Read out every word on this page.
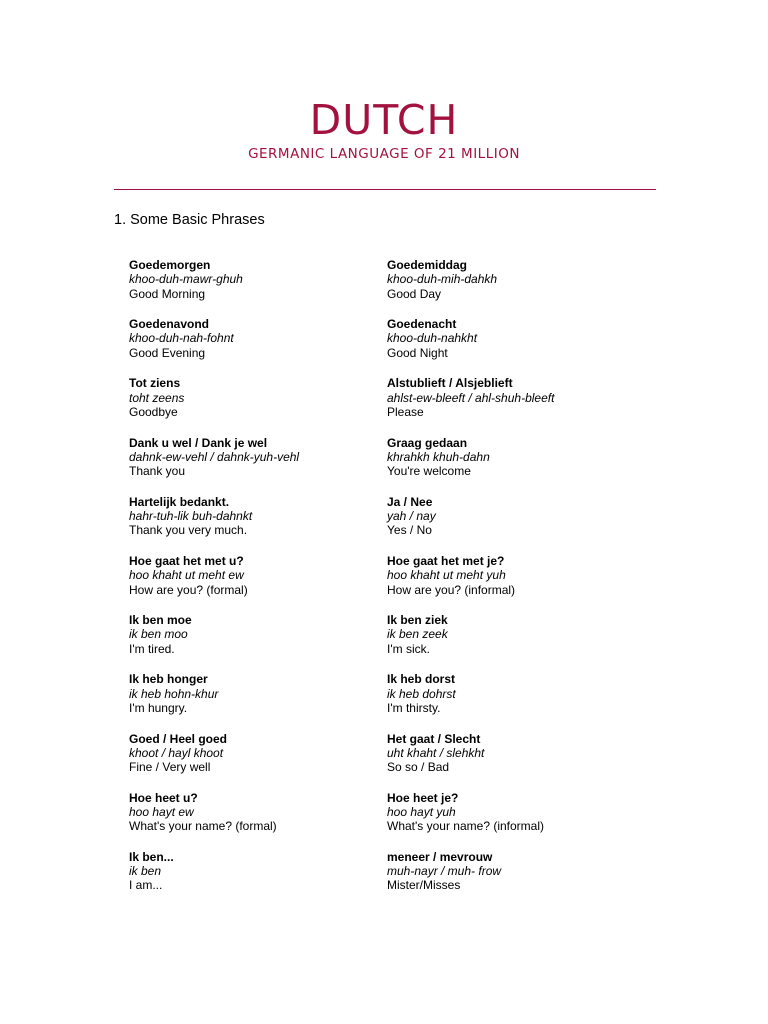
DUTCH
GERMANIC LANGUAGE OF 21 MILLION
1. Some Basic Phrases
Goedemorgen
khoo-duh-mawr-ghuh
Good Morning
Goedemiddag
khoo-duh-mih-dahkh
Good Day
Goedenavond
khoo-duh-nah-fohnt
Good Evening
Goedenacht
khoo-duh-nahkht
Good Night
Tot ziens
toht zeens
Goodbye
Alstublieft / Alsjeblieft
ahlst-ew-bleeft / ahl-shuh-bleeft
Please
Dank u wel / Dank je wel
dahnk-ew-vehl / dahnk-yuh-vehl
Thank you
Graag gedaan
khrahkh khuh-dahn
You're welcome
Hartelijk bedankt.
hahr-tuh-lik buh-dahnkt
Thank you very much.
Ja / Nee
yah / nay
Yes / No
Hoe gaat het met u?
hoo khaht ut meht ew
How are you? (formal)
Hoe gaat het met je?
hoo khaht ut meht yuh
How are you? (informal)
Ik ben moe
ik ben moo
I'm tired.
Ik ben ziek
ik ben zeek
I'm sick.
Ik heb honger
ik heb hohn-khur
I'm hungry.
Ik heb dorst
ik heb dohrst
I'm thirsty.
Goed / Heel goed
khoot / hayl khoot
Fine / Very well
Het gaat / Slecht
uht khaht / slehkht
So so / Bad
Hoe heet u?
hoo hayt ew
What's your name? (formal)
Hoe heet je?
hoo hayt yuh
What's your name? (informal)
Ik ben...
ik ben
I am...
meneer / mevrouw
muh-nayr / muh- frow
Mister/Misses
